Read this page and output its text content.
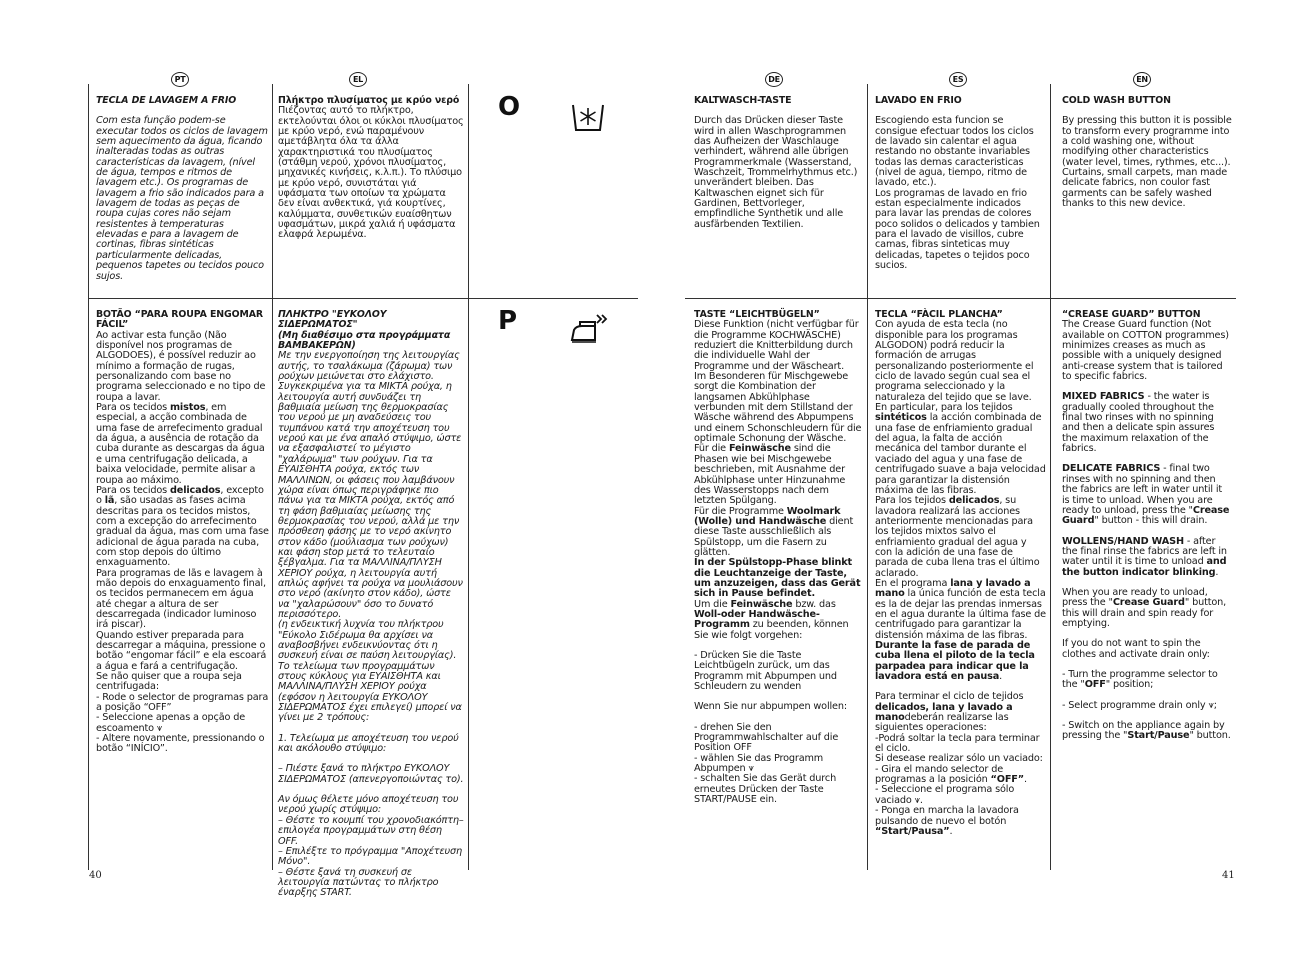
PT	EL	DE	ES	EN
O
P
TECLA DE LAVAGEM A FRIO

Com esta função podem-se executar todos os ciclos de lavagem sem aquecimento da água, ficando inalteradas todas as outras características da lavagem, (nível de água, tempos e ritmos de lavagem etc.). Os programas de lavagem a frio são indicados para a lavagem de todas as peças de roupa cujas cores não sejam resistentes à temperaturas elevadas e para a lavagem de cortinas, fibras sintéticas particularmente delicadas, pequenos tapetes ou tecidos pouco sujos.

BOTÃO “PARA ROUPA ENGOMAR FÁCIL”
Ao activar esta função (Não disponível nos programas de ALGODOES), é possível reduzir ao mínimo a formação de rugas, personalizando com base no programa seleccionado e no tipo de roupa a lavar.
Para os tecidos mistos, em especial, a acção combinada de uma fase de arrefecimento gradual da água, a ausência de rotação da cuba durante as descargas da água e uma centrifugação delicada, a baixa velocidade, permite alisar a roupa ao máximo.
Para os tecidos delicados, excepto o lã, são usadas as fases acima descritas para os tecidos mistos, com a excepção do arrefecimento gradual da água, mas com uma fase adicional de água parada na cuba, com stop depois do último enxaguamento.
Para programas de lãs e lavagem à mão depois do enxaguamento final, os tecidos permanecem em água até chegar a altura de ser descarregada (indicador luminoso irá piscar).
Quando estiver preparada para descarregar a máquina, pressione o botão “engomar fácil” e ela escoará a água e fará a centrifugação.
Se não quiser que a roupa seja centrifugada:
- Rode o selector de programas para a posição “OFF”
- Seleccione apenas a opção de escoamento ⩛
- Altere novamente, pressionando o botão “INÍCIO”.
Πλήκτρο πλυσίματος με κρύο νερό

Πιέζοντας αυτό το πλήκτρο, εκτελούνται όλοι οι κύκλοι πλυσίματος με κρύο νερό, ενώ παραμένουν αμετάβλητα όλα τα άλλα χαρακτηριστικά του πλυσίματος (στάθμη νερού, χρόνοι πλυσίματος, μηχανικές κινήσεις, κ.λ.π.). Το πλύσιμο με κρύο νερό, συνιστάται γιά υφάσματα των οποίων τα χρώματα δεν είναι ανθεκτικά, γιά κουρτίνες, καλύμματα, συνθετικών ευαίσθητων υφασμάτων, μικρά χαλιά ή υφάσματα ελαφρά λερωμένα.

ΠΛΗΚΤΡΟ "ΕΥΚΟΛΟΥ ΣΙΔΕΡΩΜΑΤΟΣ"
(Μη διαθέσιμο στα προγράμματα ΒΑΜΒΑΚΕΡΩΝ)
Με την ενεργοποίηση της λειτουργίας αυτής, το τσαλάκωμα (ζάρωμα) των ρούχων μειώνεται στο ελάχιστο. Συγκεκριμένα για τα ΜΙΚΤΑ ρούχα, η λειτουργία αυτή συνδυάζει τη βαθμιαία μείωση της θερμοκρασίας του νερού με μη αναδεύσεις του τυμπάνου κατά την αποχέτευση του νερού και με ένα απαλό στύψιμο, ώστε να εξασφαλιστεί το μέγιστο "χαλάρωμα" των ρούχων. Για τα ΕΥΑΙΣΘΗΤΑ ρούχα, εκτός των ΜΑΛΛΙΝΩΝ, οι φάσεις που λαμβάνουν χώρα είναι όπως περιγράφηκε πιο πάνω για τα ΜΙΚΤΑ ρούχα, εκτός από τη φάση βαθμιαίας μείωσης της θερμοκρασίας του νερού, αλλά με την πρόσθεση φάσης με το νερό ακίνητο στον κάδο (μούλιασμα των ρούχων) και φάση stop μετά το τελευταίο ξέβγαλμα. Για τα ΜΑΛΛΙΝΑ/ΠΛΥΣΗ ΧΕΡΙΟΥ ρούχα, η λειτουργία αυτή απλώς αφήνει τα ρούχα να μουλιάσουν στο νερό (ακίνητο στον κάδο), ώστε να "χαλαρώσουν" όσο το δυνατό περισσότερο.

(η ενδεικτική λυχνία του πλήκτρου "Εύκολο Σιδέρωμα θα αρχίσει να αναβοσβήνει ενδεικνύοντας ότι η συσκευή είναι σε παύση λειτουργίας). Το τελείωμα των προγραμμάτων στους κύκλους για ΕΥΑΙΣΘΗΤΑ και ΜΑΛΛΙΝΑ/ΠΛΥΣΗ ΧΕΡΙΟΥ ρούχα (εφόσον η λειτουργία ΕΥΚΟΛΟΥ ΣΙΔΕΡΩΜΑΤΟΣ έχει επιλεγεί) μπορεί να γίνει με 2 τρόπους:

1. Τελείωμα με αποχέτευση του νερού και ακόλουθο στύψιμο:

– Πιέστε ξανά το πλήκτρο ΕΥΚΟΛΟΥ ΣΙΔΕΡΩΜΑΤΟΣ (απενεργοποιώντας το).

Αν όμως θέλετε μόνο αποχέτευση του νερού χωρίς στύψιμο:
– Θέστε το κουμπί του χρονοδιακόπτη– επιλογέα προγραμμάτων στη θέση OFF.
– Επιλέξτε το πρόγραμμα "Αποχέτευση Μόνο".
– Θέστε ξανά τη συσκευή σε λειτουργία πατώντας το πλήκτρο έναρξης START.
KALTWASCH-TASTE

Durch das Drücken dieser Taste wird in allen Waschprogrammen das Aufheizen der Waschlauge verhindert, während alle übrigen Programmerkmale (Wasserstand, Waschzeit, Trommelrhythmus etc.) unverändert bleiben. Das Kaltwaschen eignet sich für Gardinen, Bettvorleger, empfindliche Synthetik und alle ausfärbenden Textilien.

TASTE “LEICHTBÜGELN”
Diese Funktion (nicht verfügbar für die Programme KOCHWÄSCHE) reduziert die Knitterbildung durch die individuelle Wahl der Programme und der Wäscheart.
Im Besonderen für Mischgewebe sorgt die Kombination der langsamen Abkühlphase verbunden mit dem Stillstand der Wäsche während des Abpumpens und einem Schonschleudern für die optimale Schonung der Wäsche.
Für die Feinwäsche sind die Phasen wie bei Mischgewebe beschrieben, mit Ausnahme der Abkühlphase unter Hinzunahme des Wasserstopps nach dem letzten Spülgang.
Für die Programme Woolmark (Wolle) und Handwäsche dient diese Taste ausschließlich als Spülstopp, um die Fasern zu glätten.
In der Spülstopp-Phase blinkt die Leuchtanzeige der Taste, um anzuzeigen, dass das Gerät sich in Pause befindet.

Um die Feinwäsche bzw. das Woll-oder Handwäsche-Programm zu beenden, können Sie wie folgt vorgehen:

- Drücken Sie die Taste Leichtbügeln zurück, um das Programm mit Abpumpen und Schleudern zu wenden

Wenn Sie nur abpumpen wollen:

- drehen Sie den Programmwahlschalter auf die Position OFF
- wählen Sie das Programm Abpumpen ⩛
- schalten Sie das Gerät durch erneutes Drücken der Taste START/PAUSE ein.
LAVADO EN FRIO
Escogiendo esta funcion se consigue efectuar todos los ciclos de lavado sin calentar el agua restando no obstante invariables todas las demas caracteristicas (nivel de agua, tiempo, ritmo de lavado, etc.).
Los programas de lavado en frio estan especialmente indicados para lavar las prendas de colores poco solidos o delicados y tambien para el lavado de visillos, cubre camas, fibras sinteticas muy delicadas, tapetes o tejidos poco sucios.
TECLA “FÀCIL PLANCHA”
Con ayuda de esta tecla (no disponible para los programas ALGODON) podrá reducir la formación de arrugas personalizando posteriormente el ciclo de lavado según cual sea el programa seleccionado y la naturaleza del tejido que se lave.
En particular, para los tejidos sintéticos la acción combinada de una fase de enfriamiento gradual del agua, la falta de acción mecánica del tambor durante el vaciado del agua y una fase de centrifugado suave a baja velocidad para garantizar la distensión máxima de las fibras.
Para los tejidos delicados, su lavadora realizará las acciones anteriormente mencionadas para los tejidos mixtos salvo el enfriamiento gradual del agua y con la adición de una fase de parada de cuba llena tras el último aclarado.

En el programa lana y lavado a mano la única función de esta tecla es la de dejar las prendas inmersas en el agua durante la última fase de centrifugado para garantizar la distensión máxima de las fibras. Durante la fase de parada de cuba llena el piloto de la tecla parpadea para indicar que la lavadora está en pausa.

Para terminar el ciclo de tejidos delicados, lana y lavado a manodeberán realizarse las siguientes operaciones:
-Podrá soltar la tecla para terminar el ciclo.
Si desease realizar sólo un vaciado:
- Gira el mando selector de programas a la posición “OFF”.
- Seleccione el programa sólo vaciado ⩛.
- Ponga en marcha la lavadora pulsando de nuevo el botón “Start/Pausa”.
COLD WASH BUTTON
By pressing this button it is possible to transform every programme into a cold washing one, without modifying other characteristics (water level, times, rythmes, etc...).
Curtains, small carpets, man made delicate fabrics, non coulor fast garments can be safely washed thanks to this new device.
“CREASE GUARD” BUTTON

The Crease Guard function (Not available on COTTON programmes) minimizes creases as much as possible with a uniquely designed anti-crease system that is tailored to specific fabrics.

MIXED FABRICS - the water is gradually cooled throughout the final two rinses with no spinning and then a delicate spin assures the maximum relaxation of the fabrics.

DELICATE FABRICS - final two rinses with no spinning and then the fabrics are left in water until it is time to unload. When you are ready to unload, press the "Crease Guard" button - this will drain.

WOLLENS/HAND WASH - after the final rinse the fabrics are left in water until it is time to unload and the button indicator blinking.

When you are ready to unload, press the "Crease Guard" button, this will drain and spin ready for emptying.

If you do not want to spin the clothes and activate drain only:

- Turn the programme selector to the "OFF" position;

- Select programme drain only ⩛;

- Switch on the appliance again by pressing the "Start/Pause" button.
40	41
